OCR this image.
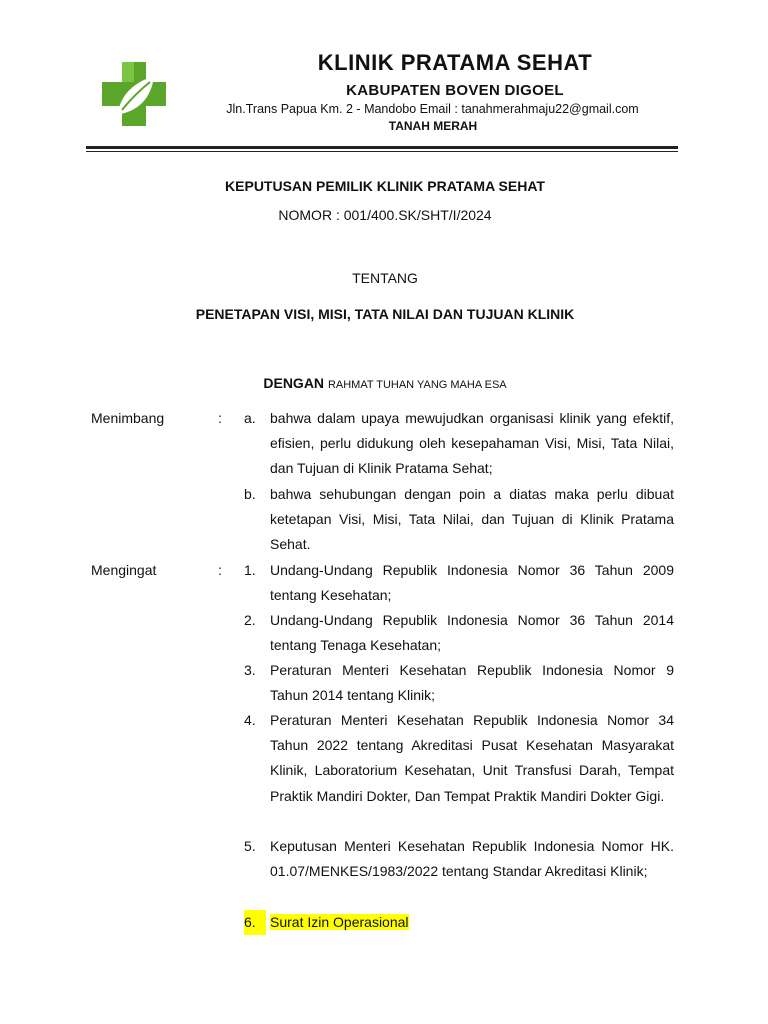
KLINIK PRATAMA SEHAT
KABUPATEN BOVEN DIGOEL
Jln.Trans Papua Km. 2 - Mandobo Email : tanahmerahmaju22@gmail.com
TANAH MERAH
KEPUTUSAN PEMILIK KLINIK PRATAMA SEHAT
NOMOR : 001/400.SK/SHT/I/2024
TENTANG
PENETAPAN VISI, MISI, TATA NILAI DAN TUJUAN KLINIK
DENGAN RAHMAT TUHAN YANG MAHA ESA
Menimbang	: a.	bahwa dalam upaya mewujudkan organisasi klinik yang efektif, efisien, perlu didukung oleh kesepahaman Visi, Misi, Tata Nilai, dan Tujuan di Klinik Pratama Sehat;
b.	bahwa sehubungan dengan poin a diatas maka perlu dibuat ketetapan Visi, Misi, Tata Nilai, dan Tujuan di Klinik Pratama Sehat.
Mengingat	: 1.	Undang-Undang Republik Indonesia Nomor 36 Tahun 2009 tentang Kesehatan;
2.	Undang-Undang Republik Indonesia Nomor 36 Tahun 2014 tentang Tenaga Kesehatan;
3.	Peraturan Menteri Kesehatan Republik Indonesia Nomor 9 Tahun 2014 tentang Klinik;
4.	Peraturan Menteri Kesehatan Republik Indonesia Nomor 34 Tahun 2022 tentang Akreditasi Pusat Kesehatan Masyarakat Klinik, Laboratorium Kesehatan, Unit Transfusi Darah, Tempat Praktik Mandiri Dokter, Dan Tempat Praktik Mandiri Dokter Gigi.
5.	Keputusan Menteri Kesehatan Republik Indonesia Nomor HK. 01.07/MENKES/1983/2022 tentang Standar Akreditasi Klinik;
6.	Surat Izin Operasional
